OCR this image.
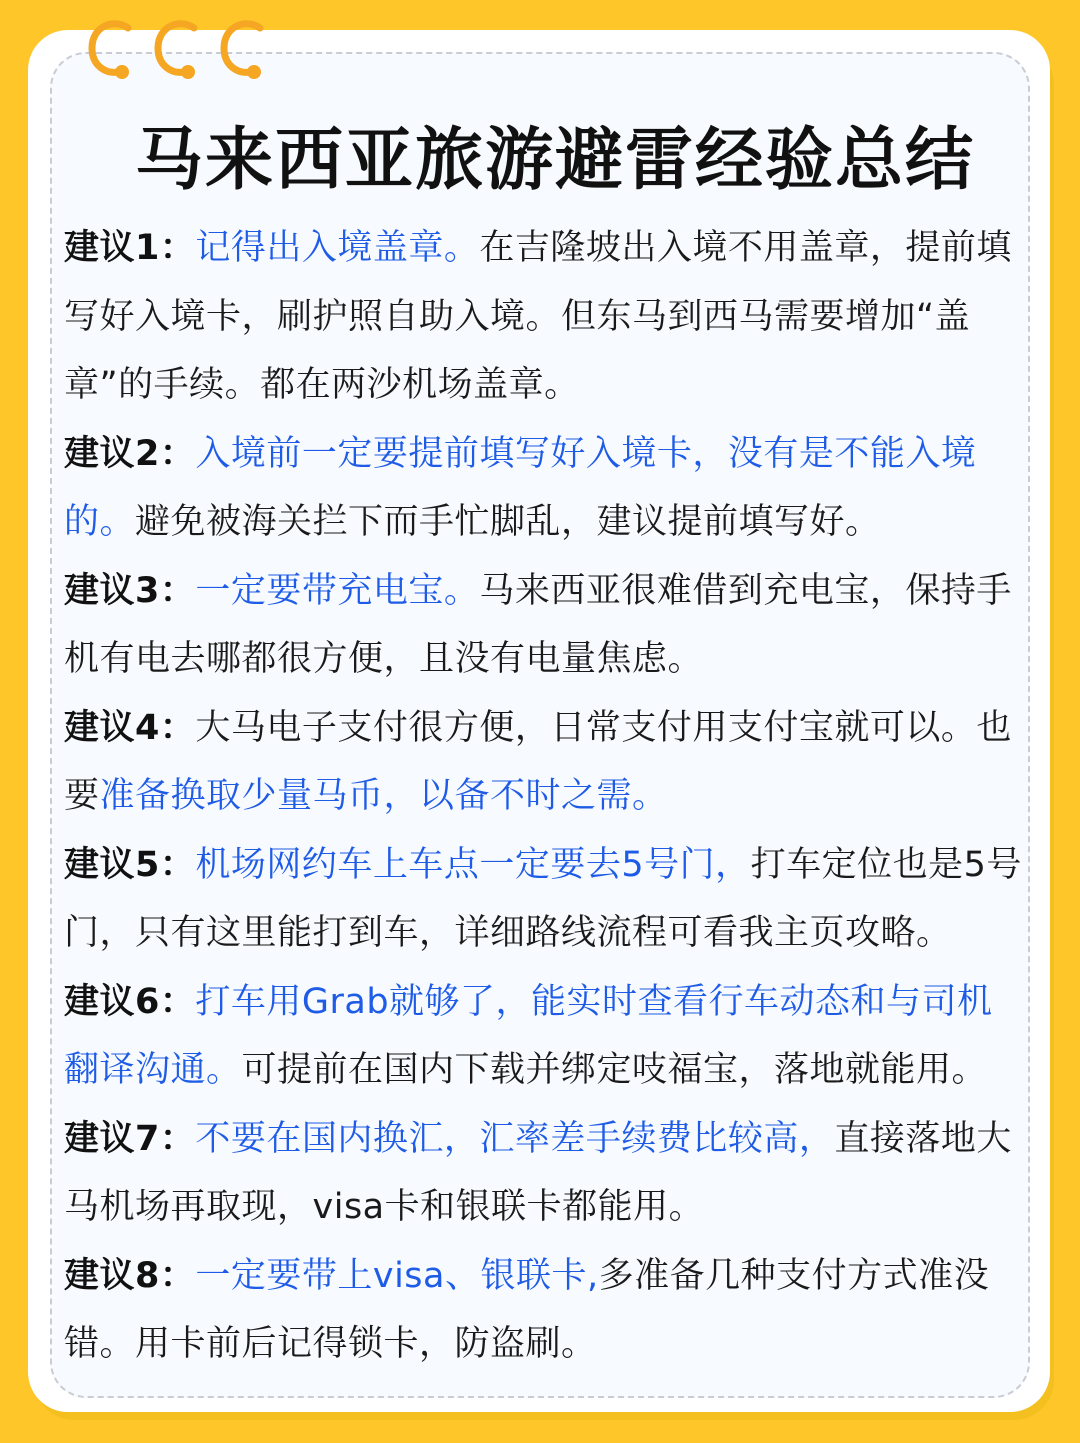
马来西亚旅游避雷经验总结

建议1：记得出入境盖章。在吉隆坡出入境不用盖章，提前填写好入境卡，刷护照自助入境。但东马到西马需要增加“盖章”的手续。都在两沙机场盖章。

建议2：入境前一定要提前填写好入境卡，没有是不能入境的。避免被海关拦下而手忙脚乱，建议提前填写好。

建议3：一定要带充电宝。马来西亚很难借到充电宝，保持手机有电去哪都很方便，且没有电量焦虑。

建议4：大马电子支付很方便，日常支付用支付宝就可以。也要准备换取少量马币，以备不时之需。

建议5：机场网约车上车点一定要去5号门，打车定位也是5号门，只有这里能打到车，详细路线流程可看我主页攻略。

建议6：打车用Grab就够了，能实时查看行车动态和与司机翻译沟通。可提前在国内下载并绑定吱福宝，落地就能用。

建议7：不要在国内换汇，汇率差手续费比较高，直接落地大马机场再取现，visa卡和银联卡都能用。

建议8：一定要带上visa、银联卡,多准备几种支付方式准没错。用卡前后记得锁卡，防盗刷。
